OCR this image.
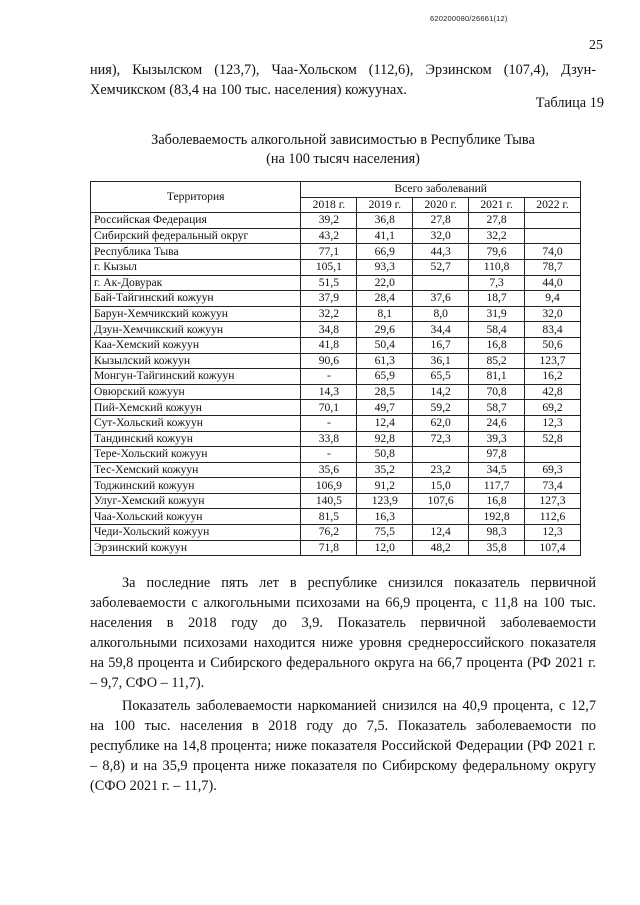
620200080/26661(12)
25
ния), Кызылском (123,7), Чаа-Хольском (112,6), Эрзинском (107,4), Дзун-
Хемчикском (83,4 на 100 тыс. населения) кожуунах.
Таблица 19
Заболеваемость алкогольной зависимостью в Республике Тыва
(на 100 тысяч населения)
Территория	Всего заболеваний				
	2018 г.	2019 г.	2020 г.	2021 г.	2022 г.
Российская Федерация	39,2	36,8	27,8	27,8	
Сибирский федеральный округ	43,2	41,1	32,0	32,2	
Республика Тыва	77,1	66,9	44,3	79,6	74,0
г. Кызыл	105,1	93,3	52,7	110,8	78,7
г. Ак-Довурак	51,5	22,0		7,3	44,0
Бай-Тайгинский кожуун	37,9	28,4	37,6	18,7	9,4
Барун-Хемчикский кожуун	32,2	8,1	8,0	31,9	32,0
Дзун-Хемчикский кожуун	34,8	29,6	34,4	58,4	83,4
Каа-Хемский кожуун	41,8	50,4	16,7	16,8	50,6
Кызылский кожуун	90,6	61,3	36,1	85,2	123,7
Монгун-Тайгинский кожуун	-	65,9	65,5	81,1	16,2
Овюрский кожуун	14,3	28,5	14,2	70,8	42,8
Пий-Хемский кожуун	70,1	49,7	59,2	58,7	69,2
Сут-Хольский кожуун	-	12,4	62,0	24,6	12,3
Тандинский кожуун	33,8	92,8	72,3	39,3	52,8
Тере-Хольский кожуун	-	50,8		97,8	
Тес-Хемский кожуун	35,6	35,2	23,2	34,5	69,3
Тоджинский кожуун	106,9	91,2	15,0	117,7	73,4
Улуг-Хемский кожуун	140,5	123,9	107,6	16,8	127,3
Чаа-Хольский кожуун	81,5	16,3		192,8	112,6
Чеди-Хольский кожуун	76,2	75,5	12,4	98,3	12,3
Эрзинский кожуун	71,8	12,0	48,2	35,8	107,4

За последние пять лет в республике снизился показатель первичной заболеваемости с алкогольными психозами на 66,9 процента, с 11,8 на 100 тыс. населения в 2018 году до 3,9. Показатель первичной заболеваемости алкогольными психозами находится ниже уровня среднероссийского показателя на 59,8 процента и Сибирского федерального округа на 66,7 процента (РФ 2021 г. – 9,7, СФО – 11,7).

Показатель заболеваемости наркоманией снизился на 40,9 процента, с 12,7 на 100 тыс. населения в 2018 году до 7,5. Показатель заболеваемости по республике на 14,8 процента; ниже показателя Российской Федерации (РФ 2021 г. – 8,8) и на 35,9 процента ниже показателя по Сибирскому федеральному округу (СФО 2021 г. – 11,7).
